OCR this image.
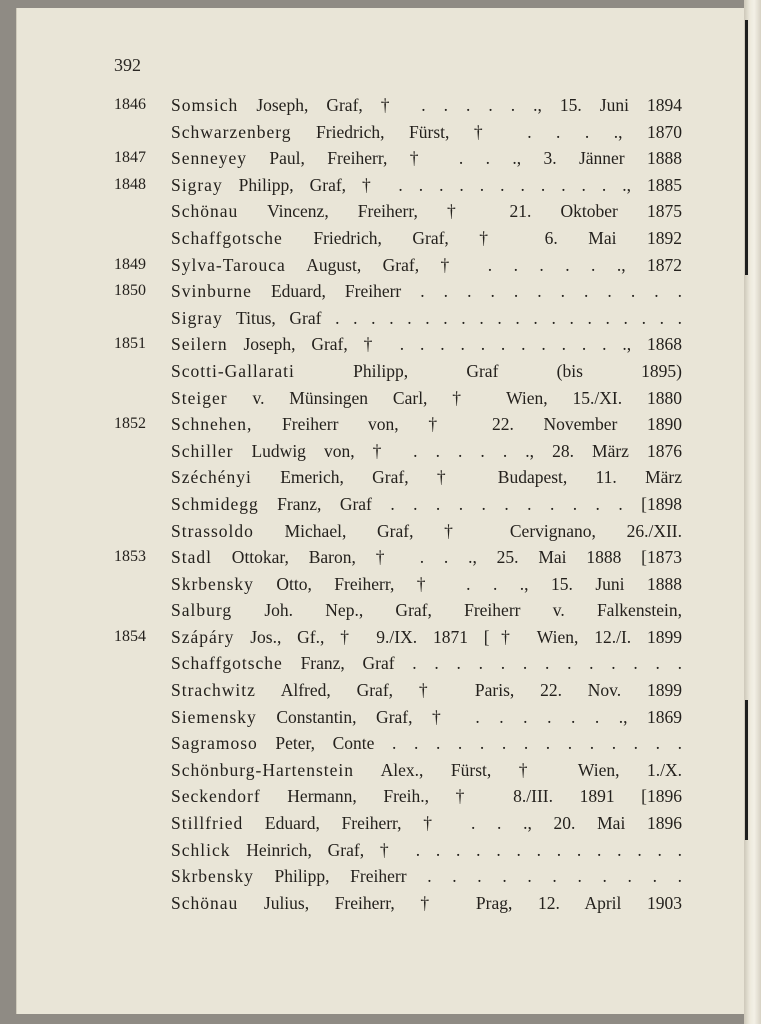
392
1846	Somsich Joseph, Graf, † . . . . . ., 15. Juni 1894
Schwarzenberg Friedrich, Fürst, † . . . ., 1870
1847	Senneyey Paul, Freiherr, † . . ., 3. Jänner 1888
1848	Sigray Philipp, Graf, † . . . . . . . . . . . ., 1885
Schönau Vincenz, Freiherr, † 21. Oktober 1875
Schaffgotsche Friedrich, Graf, † 6. Mai 1892
1849	Sylva-Tarouca August, Graf, † . . . . . ., 1872
1850	Svinburne Eduard, Freiherr . . . . . . . . . . . .
Sigray Titus, Graf . . . . . . . . . . . . . . . . . . . .
1851	Seilern Joseph, Graf, † . . . . . . . . . . . ., 1868
Scotti-Gallarati Philipp, Graf (bis 1895)
Steiger v. Münsingen Carl, † Wien, 15./XI. 1880
1852	Schnehen, Freiherr von, † 22. November 1890
Schiller Ludwig von, † . . . . . ., 28. März 1876
Széchényi Emerich, Graf, † Budapest, 11. März
Schmidegg Franz, Graf . . . . . . . . . . . [1898
Strassoldo Michael, Graf, † Cervignano, 26./XII.
1853	Stadl Ottokar, Baron, † . . ., 25. Mai 1888 [1873
Skrbensky Otto, Freiherr, † . . ., 15. Juni 1888
Salburg Joh. Nep., Graf, Freiherr v. Falkenstein,
1854	Szápáry Jos., Gf., † 9./IX. 1871 [† Wien, 12./I. 1899
Schaffgotsche Franz, Graf . . . . . . . . . . . . .
Strachwitz Alfred, Graf, † Paris, 22. Nov. 1899
Siemensky Constantin, Graf, † . . . . . . ., 1869
Sagramoso Peter, Conte . . . . . . . . . . . . . .
Schönburg-Hartenstein Alex., Fürst, † Wien, 1./X.
Seckendorf Hermann, Freih., † 8./III. 1891 [1896
Stillfried Eduard, Freiherr, † . . ., 20. Mai 1896
Schlick Heinrich, Graf, † . . . . . . . . . . . . . .
Skrbensky Philipp, Freiherr . . . . . . . . . . .
Schönau Julius, Freiherr, † Prag, 12. April 1903
